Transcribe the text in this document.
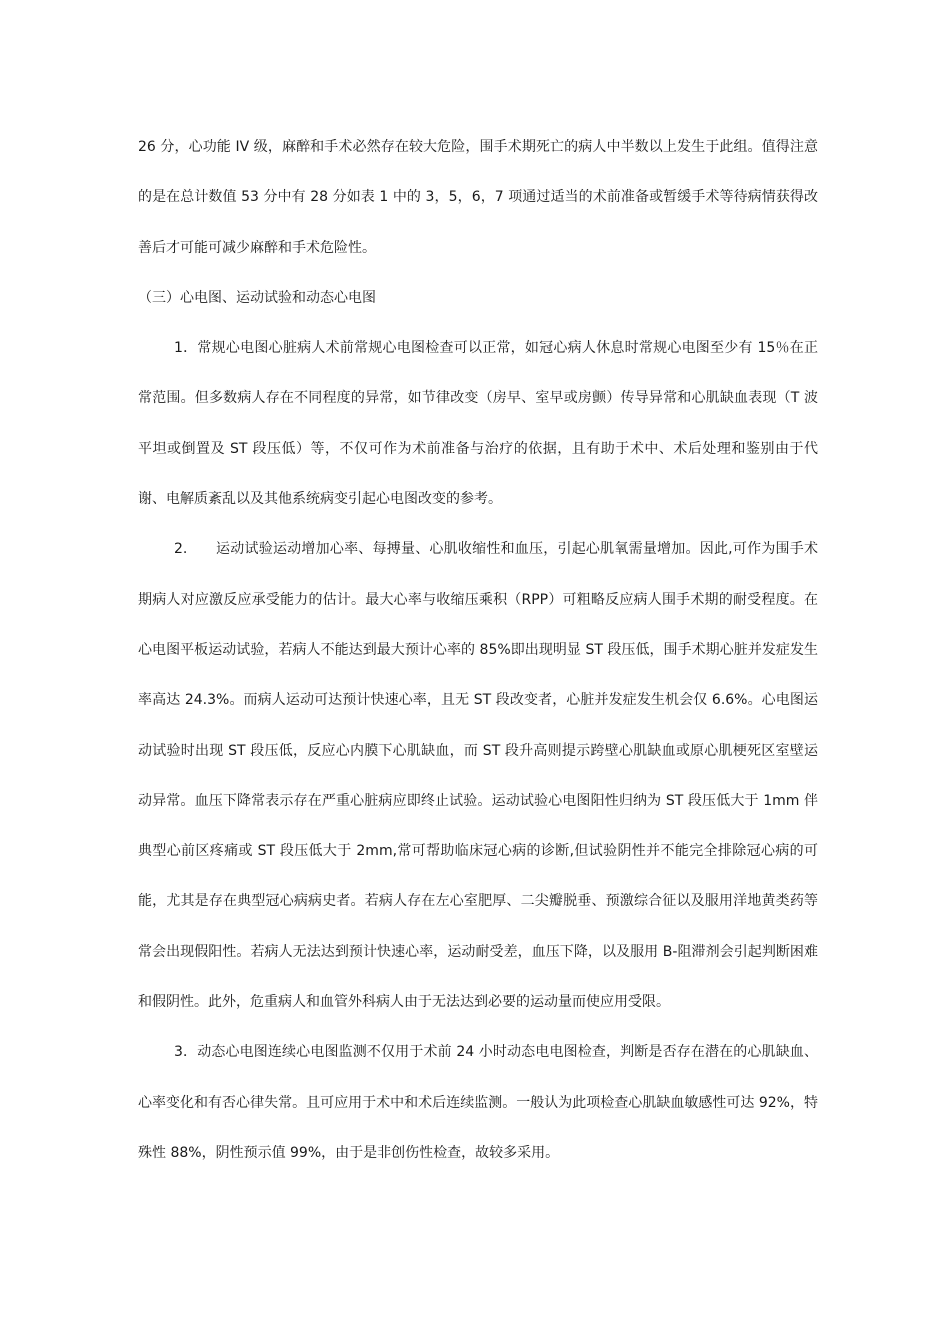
26 分，心功能 IV 级，麻醉和手术必然存在较大危险，围手术期死亡的病人中半数以上发生于此组。值得注意的是在总计数值 53 分中有 28 分如表 1 中的 3，5，6，7 项通过适当的术前准备或暂缓手术等待病情获得改善后才可能可减少麻醉和手术危险性。

（三）心电图、运动试验和动态心电图

1．常规心电图心脏病人术前常规心电图检查可以正常，如冠心病人休息时常规心电图至少有 15％在正常范围。但多数病人存在不同程度的异常，如节律改变（房早、室早或房颤）传导异常和心肌缺血表现（T 波平坦或倒置及 ST 段压低）等，不仅可作为术前准备与治疗的依据，且有助于术中、术后处理和鉴别由于代谢、电解质紊乱以及其他系统病变引起心电图改变的参考。

2.　　运动试验运动增加心率、每搏量、心肌收缩性和血压，引起心肌氧需量增加。因此,可作为围手术期病人对应激反应承受能力的估计。最大心率与收缩压乘积（RPP）可粗略反应病人围手术期的耐受程度。在心电图平板运动试验，若病人不能达到最大预计心率的 85%即出现明显 ST 段压低，围手术期心脏并发症发生率高达 24.3%。而病人运动可达预计快速心率，且无 ST 段改变者，心脏并发症发生机会仅 6.6%。心电图运动试验时出现 ST 段压低，反应心内膜下心肌缺血，而 ST 段升高则提示跨壁心肌缺血或原心肌梗死区室壁运动异常。血压下降常表示存在严重心脏病应即终止试验。运动试验心电图阳性归纳为 ST 段压低大于 1mm 伴典型心前区疼痛或 ST 段压低大于 2mm,常可帮助临床冠心病的诊断,但试验阴性并不能完全排除冠心病的可能，尤其是存在典型冠心病病史者。若病人存在左心室肥厚、二尖瓣脱垂、预激综合征以及服用洋地黄类药等常会出现假阳性。若病人无法达到预计快速心率，运动耐受差，血压下降，以及服用 B-阻滞剂会引起判断困难和假阴性。此外，危重病人和血管外科病人由于无法达到必要的运动量而使应用受限。

3．动态心电图连续心电图监测不仅用于术前 24 小时动态电电图检查，判断是否存在潜在的心肌缺血、心率变化和有否心律失常。且可应用于术中和术后连续监测。一般认为此项检查心肌缺血敏感性可达 92%，特殊性 88%，阴性预示值 99%，由于是非创伤性检查，故较多采用。
